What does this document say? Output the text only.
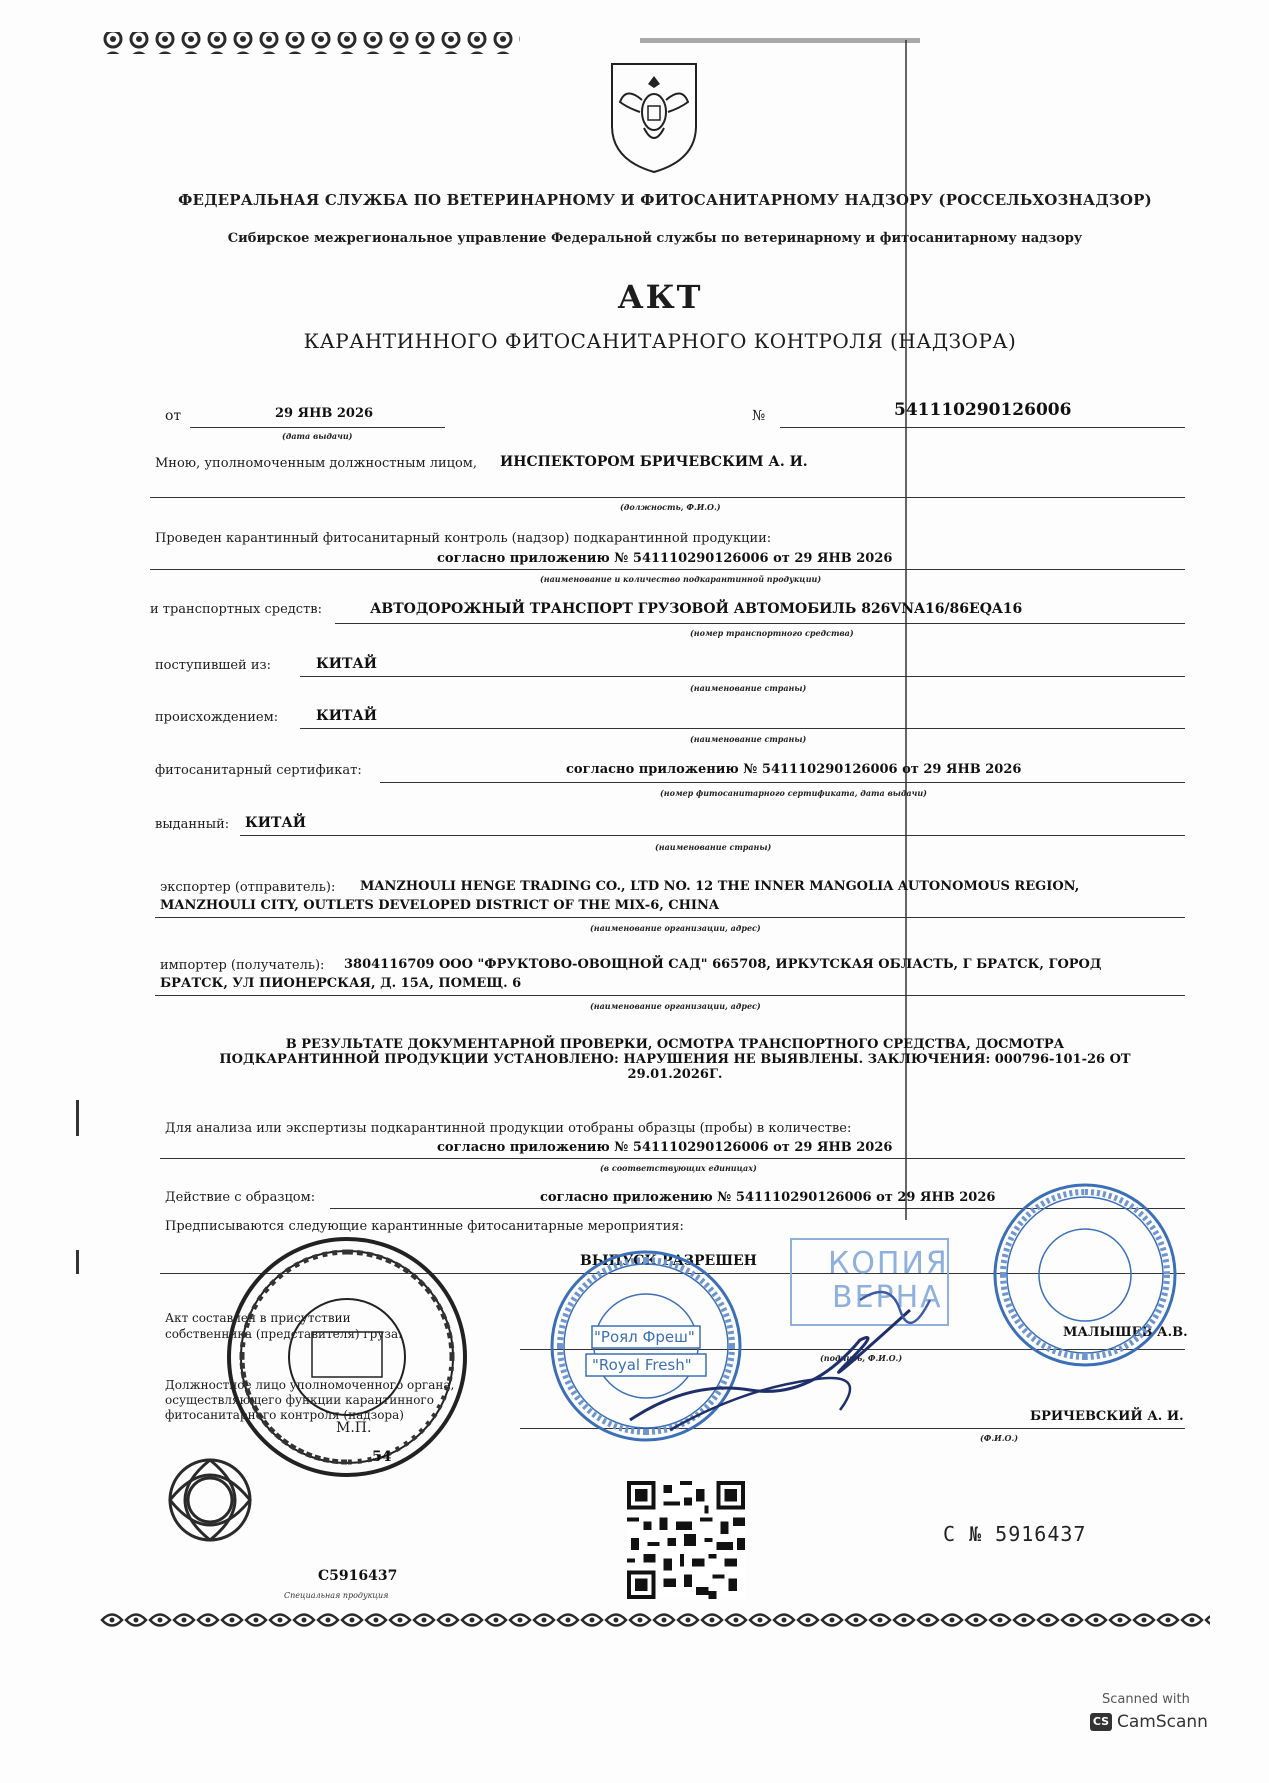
ФЕДЕРАЛЬНАЯ СЛУЖБА ПО ВЕТЕРИНАРНОМУ И ФИТОСАНИТАРНОМУ НАДЗОРУ (РОССЕЛЬХОЗНАДЗОР)
Сибирское межрегиональное управление Федеральной службы по ветеринарному и фитосанитарному надзору
АКТ
КАРАНТИННОГО ФИТОСАНИТАРНОГО КОНТРОЛЯ (НАДЗОРА)
от	29 ЯНВ 2026
(дата выдачи)
№	541110290126006
Мною, уполномоченным должностным лицом, ИНСПЕКТОРОМ БРИЧЕВСКИМ А. И.
(должность, Ф.И.О.)
Проведен карантинный фитосанитарный контроль (надзор) подкарантинной продукции:
согласно приложению № 541110290126006 от 29 ЯНВ 2026
(наименование и количество подкарантинной продукции)
и транспортных средств:	АВТОДОРОЖНЫЙ ТРАНСПОРТ ГРУЗОВОЙ АВТОМОБИЛЬ 826VNA16/86EQA16
(номер транспортного средства)
поступившей из:	КИТАЙ
(наименование страны)
происхождением:	КИТАЙ
(наименование страны)
фитосанитарный сертификат:	согласно приложению № 541110290126006 от 29 ЯНВ 2026
(номер фитосанитарного сертификата, дата выдачи)
выданный: КИТАЙ
(наименование страны)
экспортер (отправитель): MANZHOULI HENGE TRADING CO., LTD NO. 12 THE INNER MANGOLIA AUTONOMOUS REGION,
MANZHOULI CITY, OUTLETS DEVELOPED DISTRICT OF THE MIX-6, CHINA
(наименование организации, адрес)
импортер (получатель): 3804116709 ООО "ФРУКТОВО-ОВОЩНОЙ САД" 665708, ИРКУТСКАЯ ОБЛАСТЬ, Г БРАТСК, ГОРОД
БРАТСК, УЛ ПИОНЕРСКАЯ, Д. 15А, ПОМЕЩ. 6
(наименование организации, адрес)
В РЕЗУЛЬТАТЕ ДОКУМЕНТАРНОЙ ПРОВЕРКИ, ОСМОТРА ТРАНСПОРТНОГО СРЕДСТВА, ДОСМОТРА
ПОДКАРАНТИННОЙ ПРОДУКЦИИ УСТАНОВЛЕНО: НАРУШЕНИЯ НЕ ВЫЯВЛЕНЫ. ЗАКЛЮЧЕНИЯ: 000796-101-26 ОТ
29.01.2026Г.
Для анализа или экспертизы подкарантинной продукции отобраны образцы (пробы) в количестве:
согласно приложению № 541110290126006 от 29 ЯНВ 2026
(в соответствующих единицах)
Действие с образцом:	согласно приложению № 541110290126006 от 29 ЯНВ 2026
Предписываются следующие карантинные фитосанитарные мероприятия:
ВЫПУСК РАЗРЕШЕН
Акт составлен в присутствии
собственника (представителя) груза:	МАЛЫШЕВ А.В.
(подпись, Ф.И.О.)
Должностное лицо уполномоченного органа,
осуществляющего функции карантинного
фитосанитарного контроля (надзора)	БРИЧЕВСКИЙ А. И.
(Ф.И.О.)
54
М.П.
"Роял Фреш"
"Royal Fresh"
КОПИЯ
ВЕРНА
С5916437
С № 5916437
Специальная продукция
Scanned with
CS CamScann
